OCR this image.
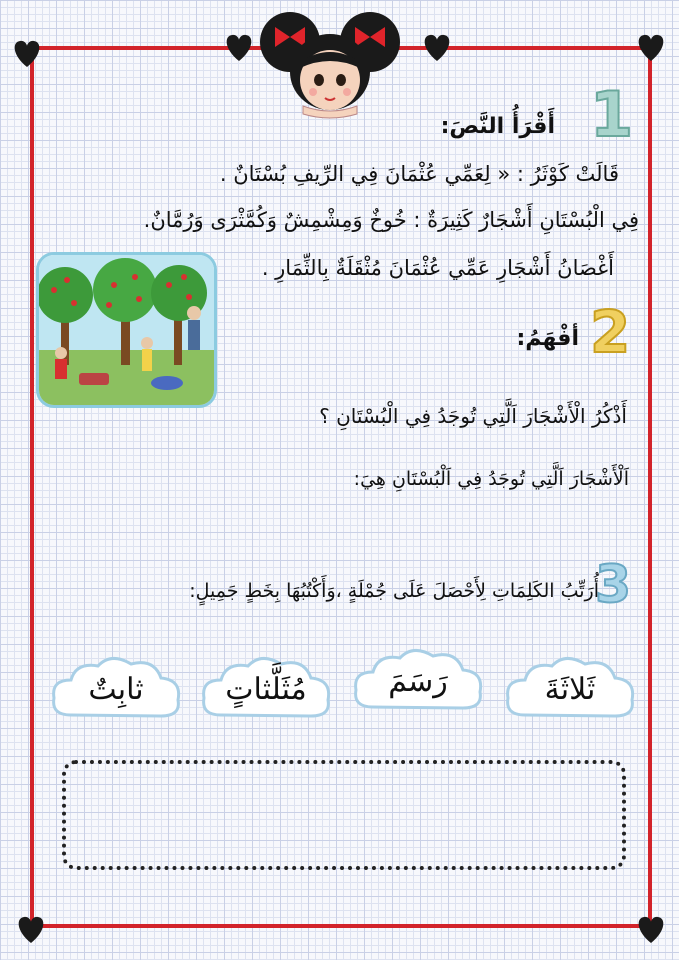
1
أَقْرَأُ النَّصَ:
قَالَتْ كَوْثَرُ : « لِعَمِّي عُثْمَانَ فِي الرِّيفِ بُسْتَانٌ .
فِي الْبُسْتَانِ أَشْجَارٌ كَثِيرَةٌ : خُوخٌ وَمِشْمِشٌ وَكُمَّثْرَى وَرُمَّانٌ.
أَغْصَانُ أَشْجَارِ عَمِّي عُثْمَانَ مُثْقَلَةٌ بِالثِّمَارِ .
2
أفْهَمُ:
أَذْكُرُ الْأَشْجَارَ اَلَّتِي تُوجَدُ فِي الْبُسْتَانِ ؟
اَلْأَشْجَارَ اَلَّتِي تُوجَدُ فِي اَلْبُسْتَانِ هِيَ:
3
أُرَتِّبُ الكَلِمَاتِ لِأَحْصَلَ عَلَى جُمْلَةٍ ،وَأَكْتُبُهَا بِخَطٍ جَمِيلٍ:
ثَلاثَةَ
رَسَمَ
مُثَلَّثاتٍ
ثابِتٌ
